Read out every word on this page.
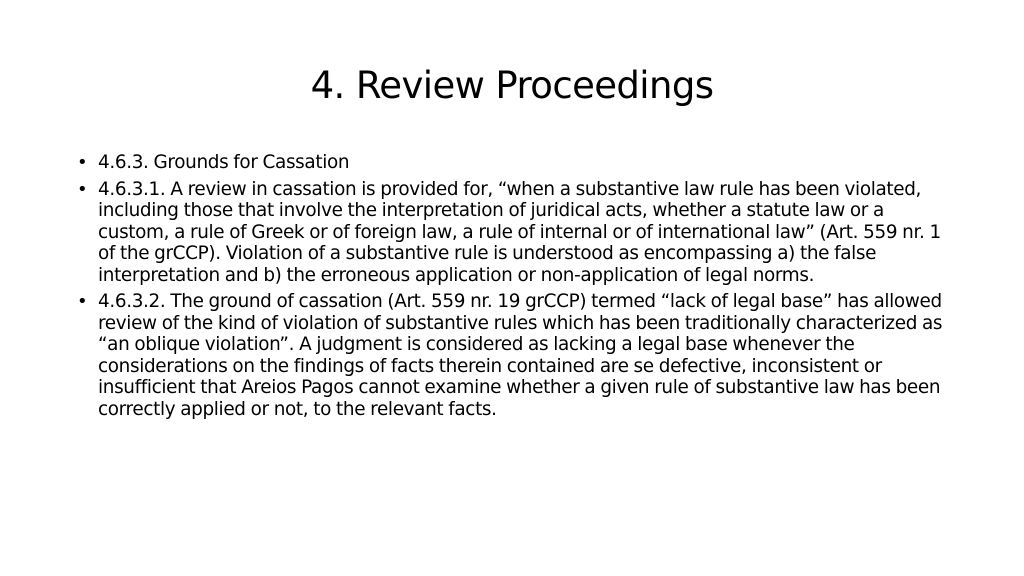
4. Review Proceedings
• 4.6.3. Grounds for Cassation
• 4.6.3.1. A review in cassation is provided for, “when a substantive law rule has been violated, including those that involve the interpretation of juridical acts, whether a statute law or a custom, a rule of Greek or of foreign law, a rule of internal or of international law” (Art. 559 nr. 1 of the grCCP). Violation of a substantive rule is understood as encompassing a) the false interpretation and b) the erroneous application or non-application of legal norms.
• 4.6.3.2. The ground of cassation (Art. 559 nr. 19 grCCP) termed “lack of legal base” has allowed review of the kind of violation of substantive rules which has been traditionally characterized as “an oblique violation”. A judgment is considered as lacking a legal base whenever the considerations on the findings of facts therein contained are se defective, inconsistent or insufficient that Areios Pagos cannot examine whether a given rule of substantive law has been correctly applied or not, to the relevant facts.
